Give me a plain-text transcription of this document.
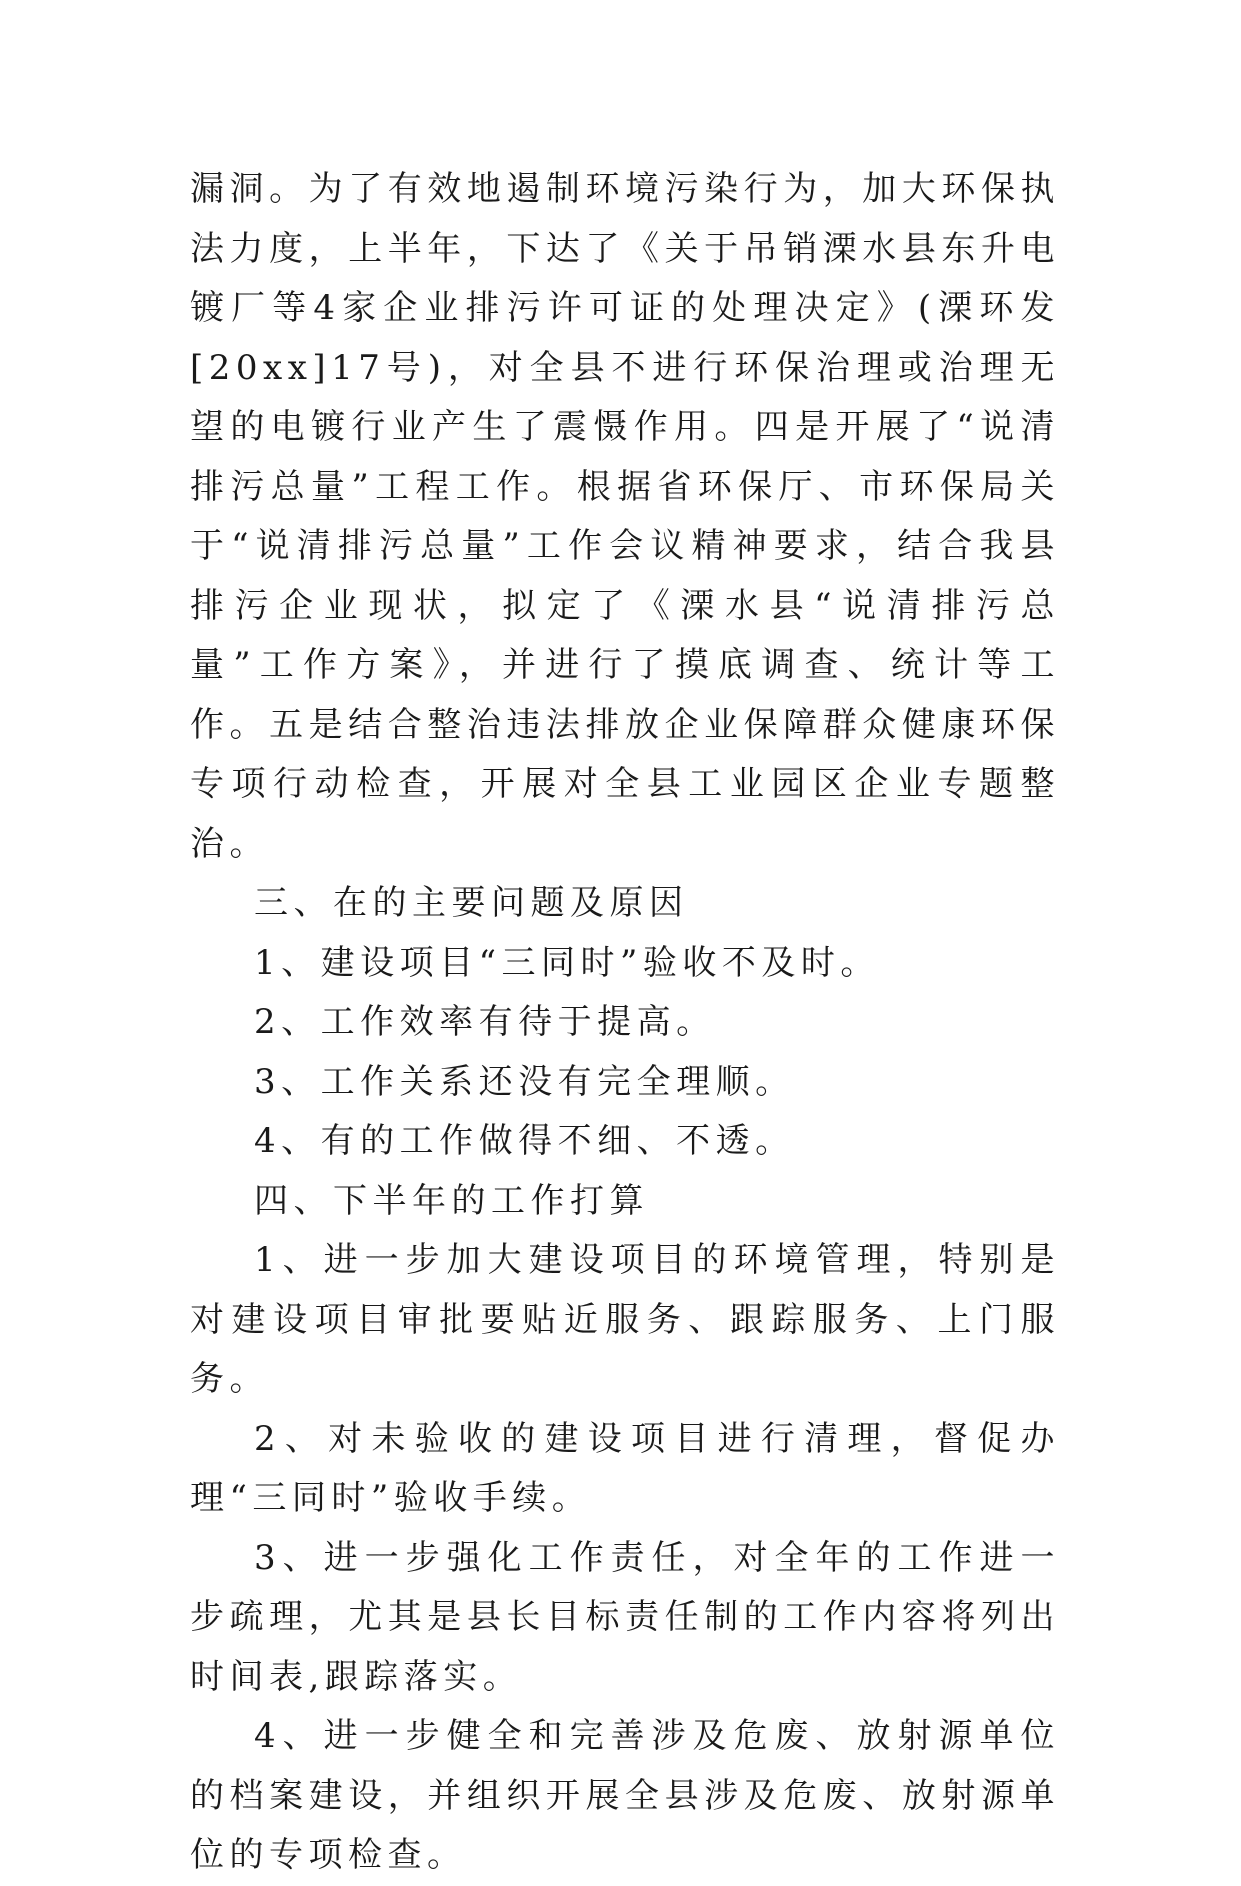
漏洞。为了有效地遏制环境污染行为，加大环保执法力度，上半年，下达了《关于吊销溧水县东升电镀厂等4家企业排污许可证的处理决定》(溧环发[20xx]17号)，对全县不进行环保治理或治理无望的电镀行业产生了震慑作用。四是开展了“说清排污总量”工程工作。根据省环保厅、市环保局关于“说清排污总量”工作会议精神要求，结合我县排污企业现状，拟定了《溧水县“说清排污总量”工作方案》，并进行了摸底调查、统计等工作。五是结合整治违法排放企业保障群众健康环保专项行动检查，开展对全县工业园区企业专题整治。

三、在的主要问题及原因

1、建设项目“三同时”验收不及时。

2、工作效率有待于提高。

3、工作关系还没有完全理顺。

4、有的工作做得不细、不透。

四、下半年的工作打算

1、进一步加大建设项目的环境管理，特别是对建设项目审批要贴近服务、跟踪服务、上门服务。

2、对未验收的建设项目进行清理，督促办理“三同时”验收手续。

3、进一步强化工作责任，对全年的工作进一步疏理，尤其是县长目标责任制的工作内容将列出时间表,跟踪落实。

4、进一步健全和完善涉及危废、放射源单位的档案建设，并组织开展全县涉及危废、放射源单位的专项检查。
